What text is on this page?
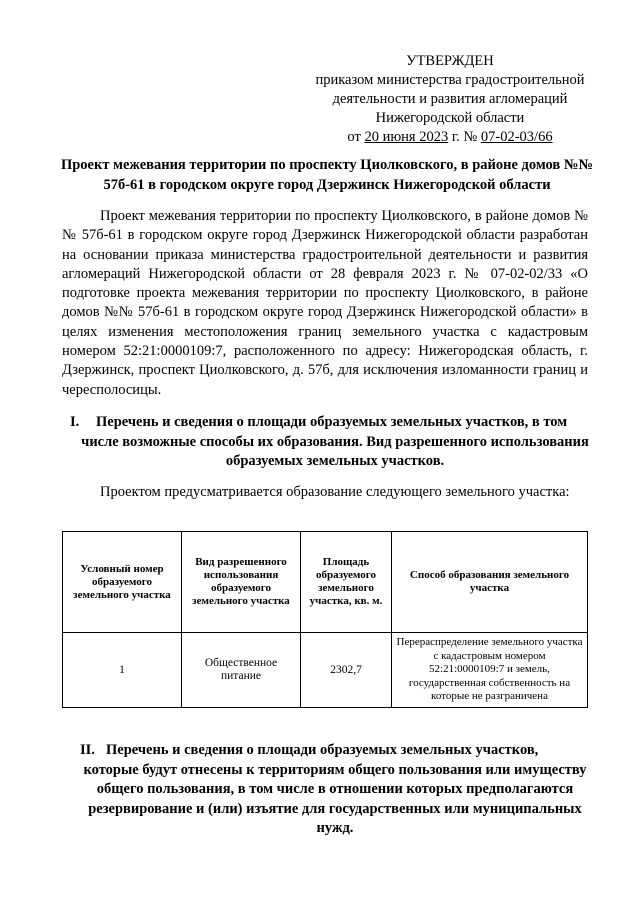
УТВЕРЖДЕН
приказом министерства градостроительной
деятельности и развития агломераций
Нижегородской области
от 20 июня 2023 г. № 07-02-03/66
Проект межевания территории по проспекту Циолковского, в районе домов №№ 57б-61 в городском округе город Дзержинск Нижегородской области

Проект межевания территории по проспекту Циолковского, в районе домов №№ 57б-61 в городском округе город Дзержинск Нижегородской области разработан на основании приказа министерства градостроительной деятельности и развития агломераций Нижегородской области от 28 февраля 2023 г. № 07-02-02/33 «О подготовке проекта межевания территории по проспекту Циолковского, в районе домов №№ 57б-61 в городском округе город Дзержинск Нижегородской области» в целях изменения местоположения границ земельного участка с кадастровым номером 52:21:0000109:7, расположенного по адресу: Нижегородская область, г. Дзержинск, проспект Циолковского, д. 57б, для исключения изломанности границ и чересполосицы.

I.	Перечень и сведения о площади образуемых земельных участков, в том
числе возможные способы их образования. Вид разрешенного использования образуемых земельных участков.

Проектом предусматривается образование следующего земельного участка:

Условный номер образуемого земельного участка	Вид разрешенного использования образуемого земельного участка	Площадь образуемого земельного участка, кв. м.	Способ образования земельного участка
1	Общественное питание	2302,7	Перераспределение земельного участка с кадастровым номером 52:21:0000109:7 и земель, государственная собственность на которые не разграничена
II. Перечень и сведения о площади образуемых земельных участков,
которые будут отнесены к территориям общего пользования или имуществу общего пользования, в том числе в отношении которых предполагаются резервирование и (или) изъятие для государственных или муниципальных нужд.
